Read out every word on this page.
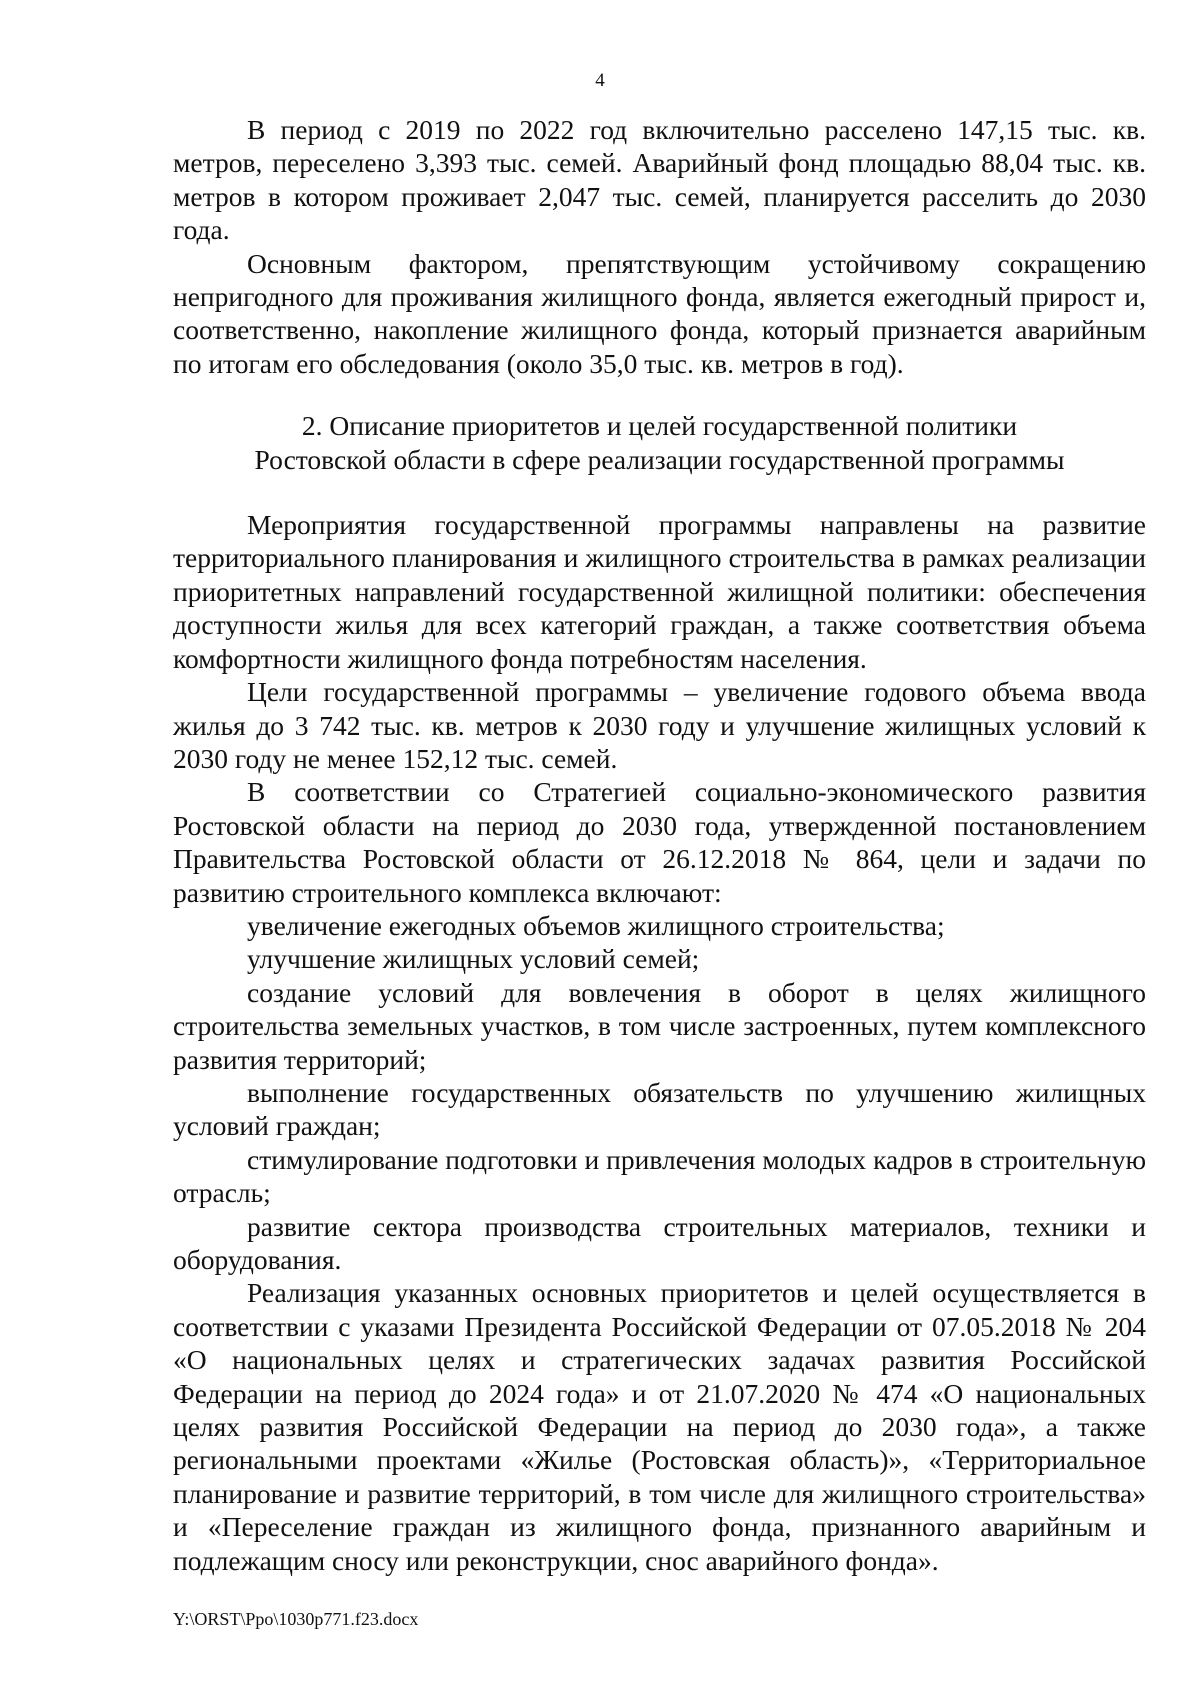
4

В период с 2019 по 2022 год включительно расселено 147,15 тыс. кв. метров, переселено 3,393 тыс. семей. Аварийный фонд площадью 88,04 тыс. кв. метров в котором проживает 2,047 тыс. семей, планируется расселить до 2030 года.

Основным фактором, препятствующим устойчивому сокращению непригодного для проживания жилищного фонда, является ежегодный прирост и, соответственно, накопление жилищного фонда, который признается аварийным по итогам его обследования (около 35,0 тыс. кв. метров в год).

2. Описание приоритетов и целей государственной политики
Ростовской области в сфере реализации государственной программы

Мероприятия государственной программы направлены на развитие территориального планирования и жилищного строительства в рамках реализации приоритетных направлений государственной жилищной политики: обеспечения доступности жилья для всех категорий граждан, а также соответствия объема комфортности жилищного фонда потребностям населения.

Цели государственной программы – увеличение годового объема ввода жилья до 3 742 тыс. кв. метров к 2030 году и улучшение жилищных условий к 2030 году не менее 152,12 тыс. семей.

В соответствии со Стратегией социально-экономического развития Ростовской области на период до 2030 года, утвержденной постановлением Правительства Ростовской области от 26.12.2018 № 864, цели и задачи по развитию строительного комплекса включают:

увеличение ежегодных объемов жилищного строительства;

улучшение жилищных условий семей;

создание условий для вовлечения в оборот в целях жилищного строительства земельных участков, в том числе застроенных, путем комплексного развития территорий;

выполнение государственных обязательств по улучшению жилищных условий граждан;

стимулирование подготовки и привлечения молодых кадров в строительную отрасль;

развитие сектора производства строительных материалов, техники и оборудования.

Реализация указанных основных приоритетов и целей осуществляется в соответствии с указами Президента Российской Федерации от 07.05.2018 № 204 «О национальных целях и стратегических задачах развития Российской Федерации на период до 2024 года» и от 21.07.2020 № 474 «О национальных целях развития Российской Федерации на период до 2030 года», а также региональными проектами «Жилье (Ростовская область)», «Территориальное планирование и развитие территорий, в том числе для жилищного строительства» и «Переселение граждан из жилищного фонда, признанного аварийным и подлежащим сносу или реконструкции, снос аварийного фонда».

Y:\ORST\Ppo\1030p771.f23.docx
